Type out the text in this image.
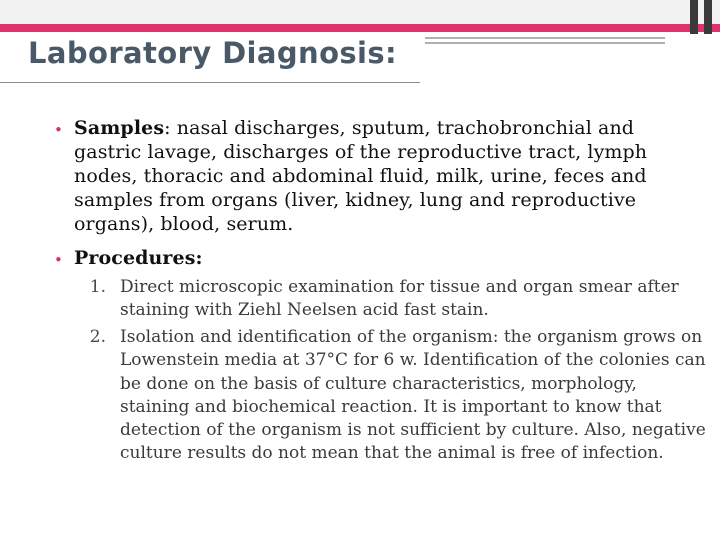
Laboratory Diagnosis:
• Samples: nasal discharges, sputum, trachobronchial and gastric lavage, discharges of the reproductive tract, lymph nodes, thoracic and abdominal fluid, milk, urine, feces and samples from organs (liver, kidney, lung and reproductive organs), blood, serum.
• Procedures:
1. Direct microscopic examination for tissue and organ smear after staining with Ziehl Neelsen acid fast stain.
2. Isolation and identification of the organism: the organism grows on Lowenstein media at 37°C for 6 w. Identification of the colonies can be done on the basis of culture characteristics, morphology, staining and biochemical reaction. It is important to know that detection of the organism is not sufficient by culture. Also, negative culture results do not mean that the animal is free of infection.
